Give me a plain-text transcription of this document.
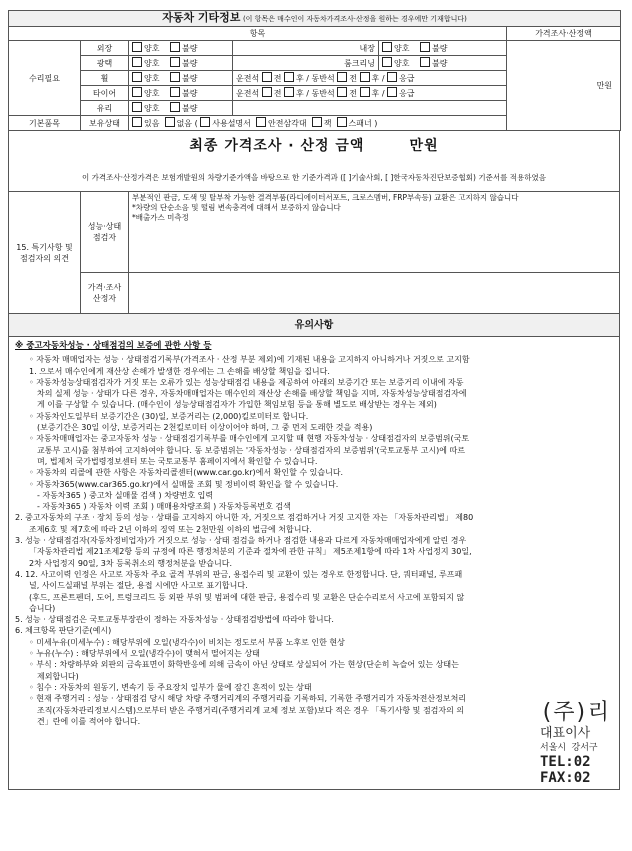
자동차 기타정보 (이 항목은 매수인이 자동차가격조사·산정을 원하는 경우에만 기재합니다)					
항목					가격조사·산정액
수리필요	외장	양호 불량	내장	양호 불량	만원
	광택	양호 불량	룸크리닝	양호 불량	
	휠	양호 불량	운전석 전 후 / 동반석 전 후 / 응급		
	타이어	양호 불량	운전석 전 후 / 동반석 전 후 / 응급		
	유리	양호 불량			
기본품목	보유상태	있음 없음 ( 사용설명서 안전삼각대 잭 스패너 )			
최종 가격조사 · 산정 금액	만원
이 가격조사·산정가격은 보험개발원의 차량기준가액을 바탕으로 한 기준가격과 ([ ]기술사회, [ ]한국자동차진단보증협회) 기준서를 적용하였음
15. 특기사항 및 점검자의 의견	성능·상태 점검자	부분적인 판금, 도색 및 탈부착 가능한 결격부품(라디에이터서포트, 크로스멤버, FRP부속등) 교환은 고지하지 않습니다
*차량의 단순소음 및 떨림 변속충격에 대해서 보증하지 않습니다
*배출가스 미측정

	가격·조사 산정자	
유의사항

※ 중고자동차성능 · 상태점검의 보증에 관한 사항 등

◦ 자동차 매매업자는 성능 · 상태점검기록부(가격조사 · 산정 부분 제외)에 기재된 내용을 고지하지 아니하거나 거짓으로 고지함

1. 으로서 매수인에게 재산상 손해가 발생한 경우에는 그 손해를 배상할 책임을 집니다.

◦ 자동차성능상태점검자가 거짓 또는 오류가 있는 성능상태점검 내용을 제공하여 아래의 보증기간 또는 보증거리 이내에 자동

차의 실제 성능 · 상태가 다른 경우, 자동차매매업자는 매수인의 재산상 손해를 배상할 책임을 지며, 자동차성능상태점검자에

게 이를 구상할 수 있습니다. (매수인이 성능상태점검자가 가입한 책임보험 등을 통해 별도로 배상받는 경우는 제외)

◦ 자동차인도일부터 보증기간은 (30)일, 보증거리는 (2,000)킬로미터로 합니다.

(보증기간은 30일 이상, 보증거리는 2천킬로미터 이상이어야 하며, 그 중 먼저 도래한 것을 적용)

◦ 자동차매매업자는 중고자동차 성능 · 상태점검기록부를 매수인에게 고지할 때 현행 자동차성능 · 상태점검자의 보증범위(국토

교통부 고시)를 첨부하여 고지하여야 합니다. 동 보증범위는 '자동차성능 · 상태점검자의 보증범위'(국토교통부 고시)에 따르

며, 법제처 국가법령정보센터 또는 국토교통부 홈페이지에서 확인할 수 있습니다.

◦ 자동차의 리콜에 관한 사항은 자동차리콜센터(www.car.go.kr)에서 확인할 수 있습니다.

◦ 자동차365(www.car365.go.kr)에서 실매물 조회 및 정비이력 확인을 할 수 있습니다.

- 자동차365 ) 중고차 실매물 검색 ) 차량번호 입력

- 자동차365 ) 자동차 이력 조회 ) 매매용차량조회 ) 자동차등록번호 검색

2. 중고자동차의 구조 · 장치 등의 성능 · 상태를 고지하지 아니한 자, 거짓으로 점검하거나 거짓 고지한 자는 「자동차관리법」 제80

조제6호 및 제7호에 따라 2년 이하의 징역 또는 2천만원 이하의 벌금에 처합니다.

3. 성능 · 상태점검자(자동차정비업자)가 거짓으로 성능 · 상태 점검을 하거나 점검한 내용과 다르게 자동차매매업자에게 알린 경우

「자동차관리법 제21조제2항 등의 규정에 따른 행정처분의 기준과 절차에 관한 규칙」 제5조제1항에 따라 1차 사업정지 30일,

2차 사업정지 90일, 3차 등록취소의 행정처분을 받습니다.

4. 12. 사고이력 인정은 사고로 자동차 주요 골격 부위의 판금, 용접수리 및 교환이 있는 경우로 한정합니다. 단, 쿼터패널, 루프패

널, 사이드실패널 부위는 절단, 용접 시에만 사고로 표기합니다.

(후드, 프론트펜더, 도어, 트렁크리드 등 외판 부위 및 범퍼에 대한 판금, 용접수리 및 교환은 단순수리로서 사고에 포함되지 않

습니다)

5. 성능 · 상태점검은 국토교통부장관이 정하는 자동차성능 · 상태점검방법에 따라야 합니다.

6. 체크항목 판단기준(예시)

◦ 미세누유(미세누수) : 해당부위에 오일(냉각수)이 비치는 정도로서 부품 노후로 인한 현상

◦ 누유(누수) : 해당부위에서 오일(냉각수)이 맺혀서 떨어지는 상태

◦ 부식 : 차량하부와 외판의 금속표면이 화학반응에 의해 금속이 아닌 상태로 상실되어 가는 현상(단순히 녹슬어 있는 상태는

제외합니다)

◦ 침수 : 자동차의 원동기, 변속기 등 주요장치 일부가 물에 잠긴 흔적이 있는 상태

◦ 현재 주행거리 : 성능 · 상태점검 당시 해당 차량 주행거리계의 주행거리를 기록하되, 기록한 주행거리가 자동차전산정보처리

조직(자동차관리정보시스템)으로부터 받은 주행거리(주행거리계 교체 정보 포함)보다 적은 경우 「특기사항 및 점검자의 의

견」란에 이를 적어야 합니다.	(주)리
대표이사
서울시 강서구
TEL:02
FAX:02
